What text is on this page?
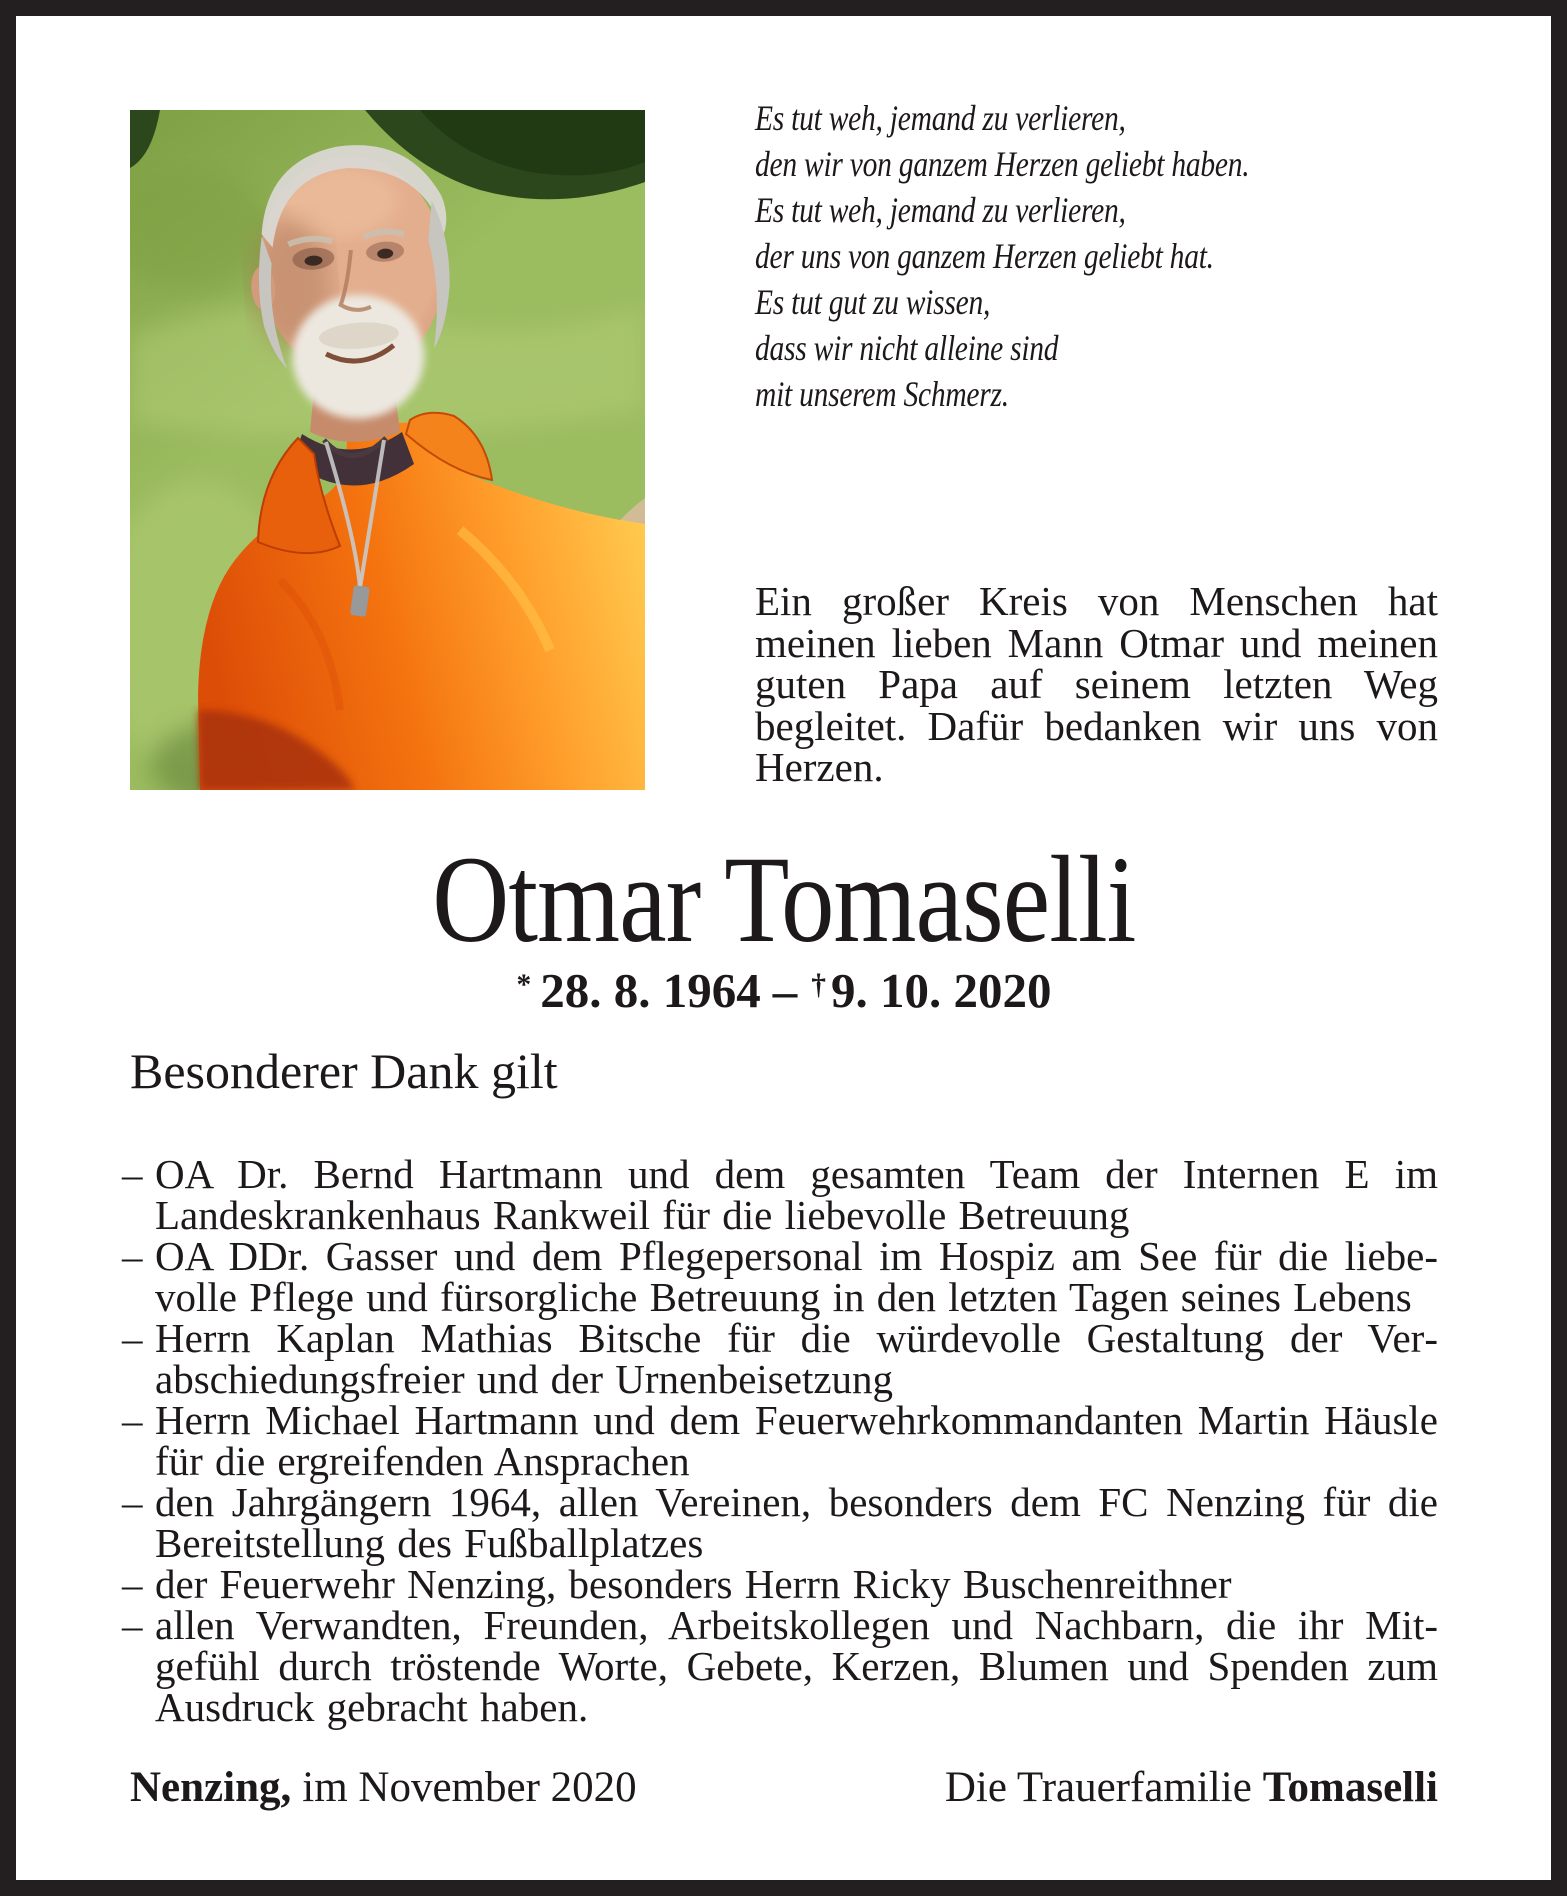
Es tut weh, jemand zu verlieren,
den wir von ganzem Herzen geliebt haben.
Es tut weh, jemand zu verlieren,
der uns von ganzem Herzen geliebt hat.
Es tut gut zu wissen,
dass wir nicht alleine sind
mit unserem Schmerz.
Ein großer Kreis von Menschen hat meinen lieben Mann Otmar und meinen guten Papa auf seinem letzten Weg begleitet. Dafür bedanken wir uns von Herzen.
Otmar Tomaselli
* 28. 8. 1964 – † 9. 10. 2020
Besonderer Dank gilt
– OA Dr. Bernd Hartmann und dem gesamten Team der Internen E im Landeskrankenhaus Rankweil für die liebevolle Betreuung
– OA DDr. Gasser und dem Pflegepersonal im Hospiz am See für die liebevolle Pflege und fürsorgliche Betreuung in den letzten Tagen seines Lebens
– Herrn Kaplan Mathias Bitsche für die würdevolle Gestaltung der Verabschiedungsfreier und der Urnenbeisetzung
– Herrn Michael Hartmann und dem Feuerwehrkommandanten Martin Häusle für die ergreifenden Ansprachen
– den Jahrgängern 1964, allen Vereinen, besonders dem FC Nenzing für die Bereitstellung des Fußballplatzes
– der Feuerwehr Nenzing, besonders Herrn Ricky Buschenreithner
– allen Verwandten, Freunden, Arbeitskollegen und Nachbarn, die ihr Mitgefühl durch tröstende Worte, Gebete, Kerzen, Blumen und Spenden zum Ausdruck gebracht haben.
Nenzing, im November 2020	Die Trauerfamilie Tomaselli
